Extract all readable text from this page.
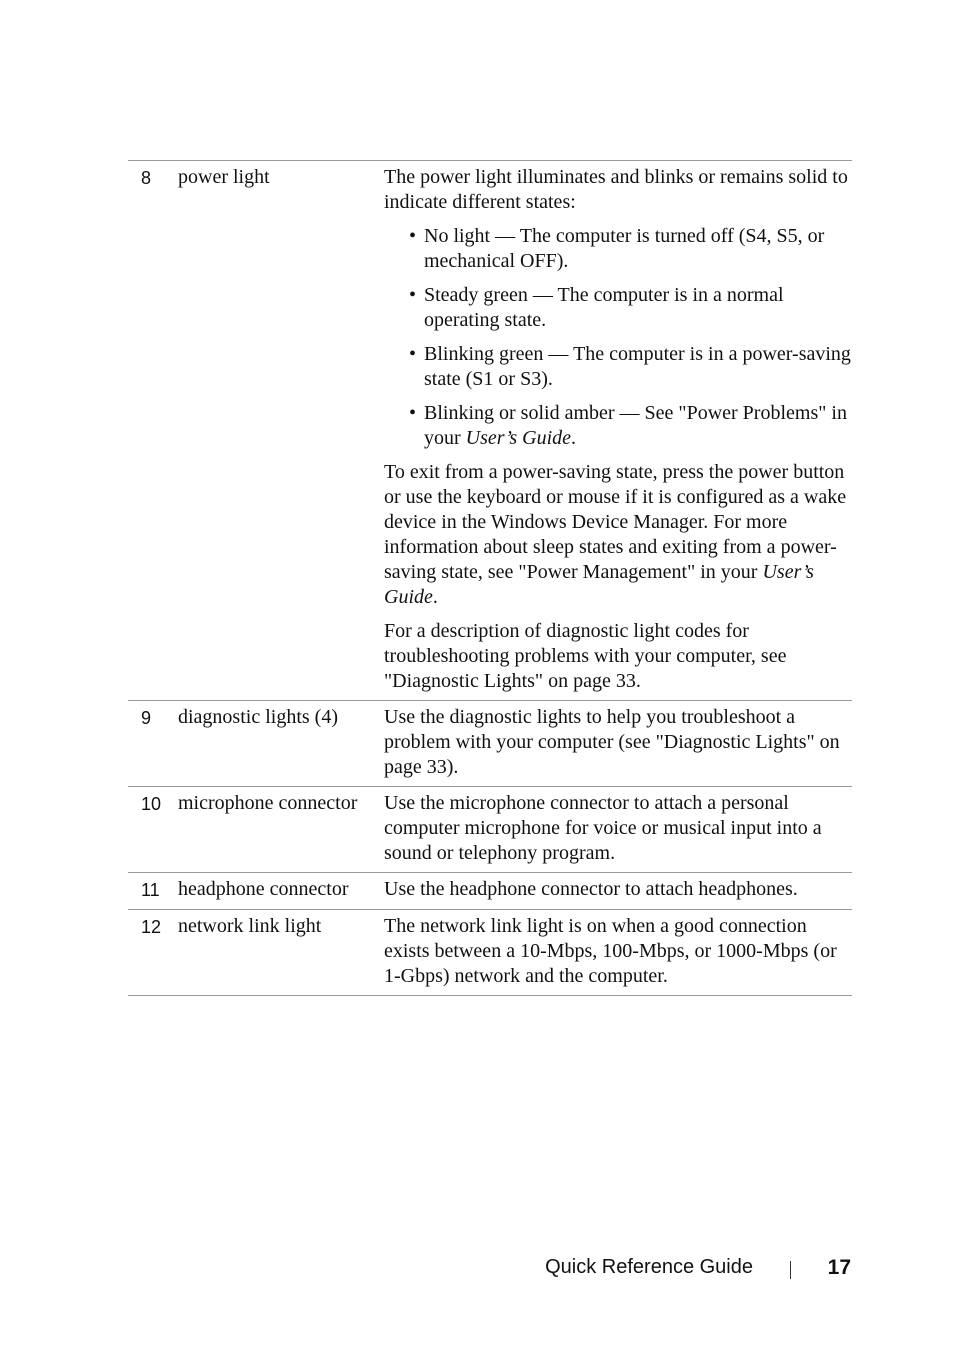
8	power light	The power light illuminates and blinks or remains solid to indicate different states:

• No light — The computer is turned off (S4, S5, or mechanical OFF).
• Steady green — The computer is in a normal operating state.
• Blinking green — The computer is in a power-saving state (S1 or S3).
• Blinking or solid amber — See "Power Problems" in your User’s Guide.

To exit from a power-saving state, press the power button or use the keyboard or mouse if it is configured as a wake device in the Windows Device Manager. For more information about sleep states and exiting from a power-saving state, see "Power Management" in your User’s Guide.

For a description of diagnostic light codes for troubleshooting problems with your computer, see "Diagnostic Lights" on page 33.

9	diagnostic lights (4)	Use the diagnostic lights to help you troubleshoot a problem with your computer (see "Diagnostic Lights" on page 33).
10 microphone connector	Use the microphone connector to attach a personal computer microphone for voice or musical input into a sound or telephony program.
11 headphone connector	Use the headphone connector to attach headphones.
12 network link light	The network link light is on when a good connection exists between a 10-Mbps, 100-Mbps, or 1000-Mbps (or 1-Gbps) network and the computer.
Quick Reference Guide	17
